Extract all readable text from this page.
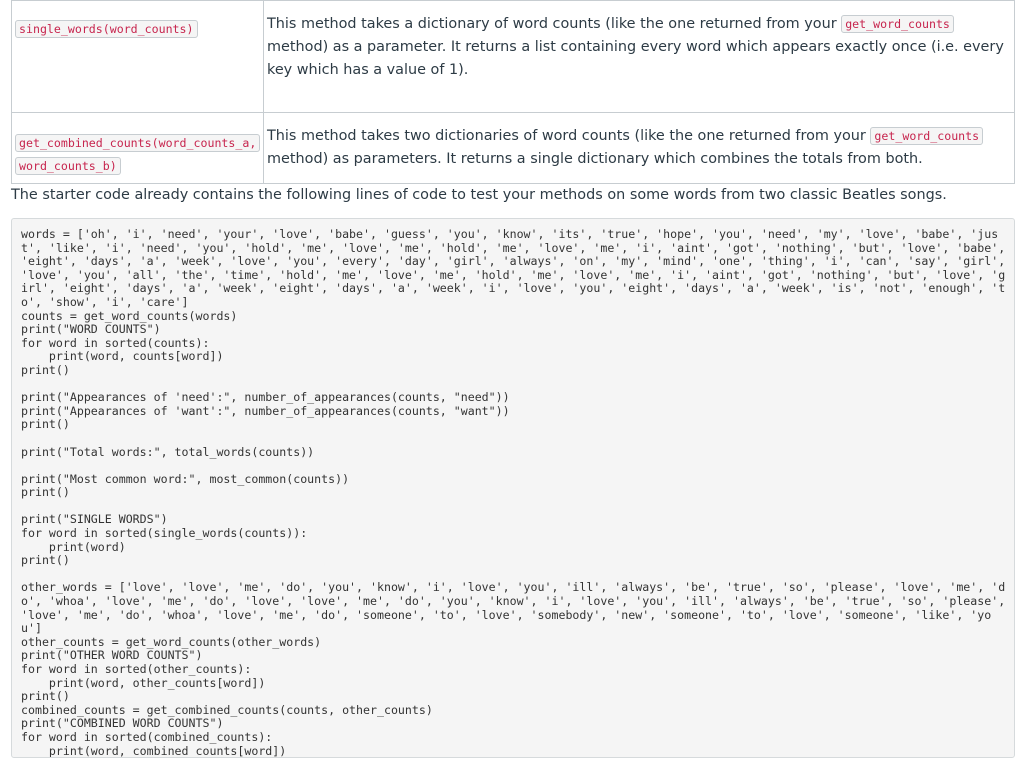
single_words(word_counts)	This method takes a dictionary of word counts (like the one returned from your get_word_counts method) as a parameter. It returns a list containing every word which appears exactly once (i.e. every key which has a value of 1).

get_combined_counts(word_counts_a, word_counts_b)	This method takes two dictionaries of word counts (like the one returned from your get_word_counts method) as parameters. It returns a single dictionary which combines the totals from both.

The starter code already contains the following lines of code to test your methods on some words from two classic Beatles songs.

words = ['oh', 'i', 'need', 'your', 'love', 'babe', 'guess', 'you', 'know', 'its', 'true', 'hope', 'you', 'need', 'my', 'love', 'babe', 'jus
t', 'like', 'i', 'need', 'you', 'hold', 'me', 'love', 'me', 'hold', 'me', 'love', 'me', 'i', 'aint', 'got', 'nothing', 'but', 'love', 'babe',
'eight', 'days', 'a', 'week', 'love', 'you', 'every', 'day', 'girl', 'always', 'on', 'my', 'mind', 'one', 'thing', 'i', 'can', 'say', 'girl',
'love', 'you', 'all', 'the', 'time', 'hold', 'me', 'love', 'me', 'hold', 'me', 'love', 'me', 'i', 'aint', 'got', 'nothing', 'but', 'love', 'g
irl', 'eight', 'days', 'a', 'week', 'eight', 'days', 'a', 'week', 'i', 'love', 'you', 'eight', 'days', 'a', 'week', 'is', 'not', 'enough', 't
o', 'show', 'i', 'care']
counts = get_word_counts(words)
print("WORD COUNTS")
for word in sorted(counts):
print(word, counts[word])
print()
print("Appearances of 'need':", number_of_appearances(counts, "need"))
print("Appearances of 'want':", number_of_appearances(counts, "want"))
print()
print("Total words:", total_words(counts))
print("Most common word:", most_common(counts))
print()
print("SINGLE WORDS")
for word in sorted(single_words(counts)):
print(word)
print()
other_words = ['love', 'love', 'me', 'do', 'you', 'know', 'i', 'love', 'you', 'ill', 'always', 'be', 'true', 'so', 'please', 'love', 'me', 'd
o', 'whoa', 'love', 'me', 'do', 'love', 'love', 'me', 'do', 'you', 'know', 'i', 'love', 'you', 'ill', 'always', 'be', 'true', 'so', 'please',
'love', 'me', 'do', 'whoa', 'love', 'me', 'do', 'someone', 'to', 'love', 'somebody', 'new', 'someone', 'to', 'love', 'someone', 'like', 'yo
u']
other_counts = get_word_counts(other_words)
print("OTHER WORD COUNTS")
for word in sorted(other_counts):
print(word, other_counts[word])
print()
combined_counts = get_combined_counts(counts, other_counts)
print("COMBINED WORD COUNTS")
for word in sorted(combined_counts):
print(word, combined_counts[word])
